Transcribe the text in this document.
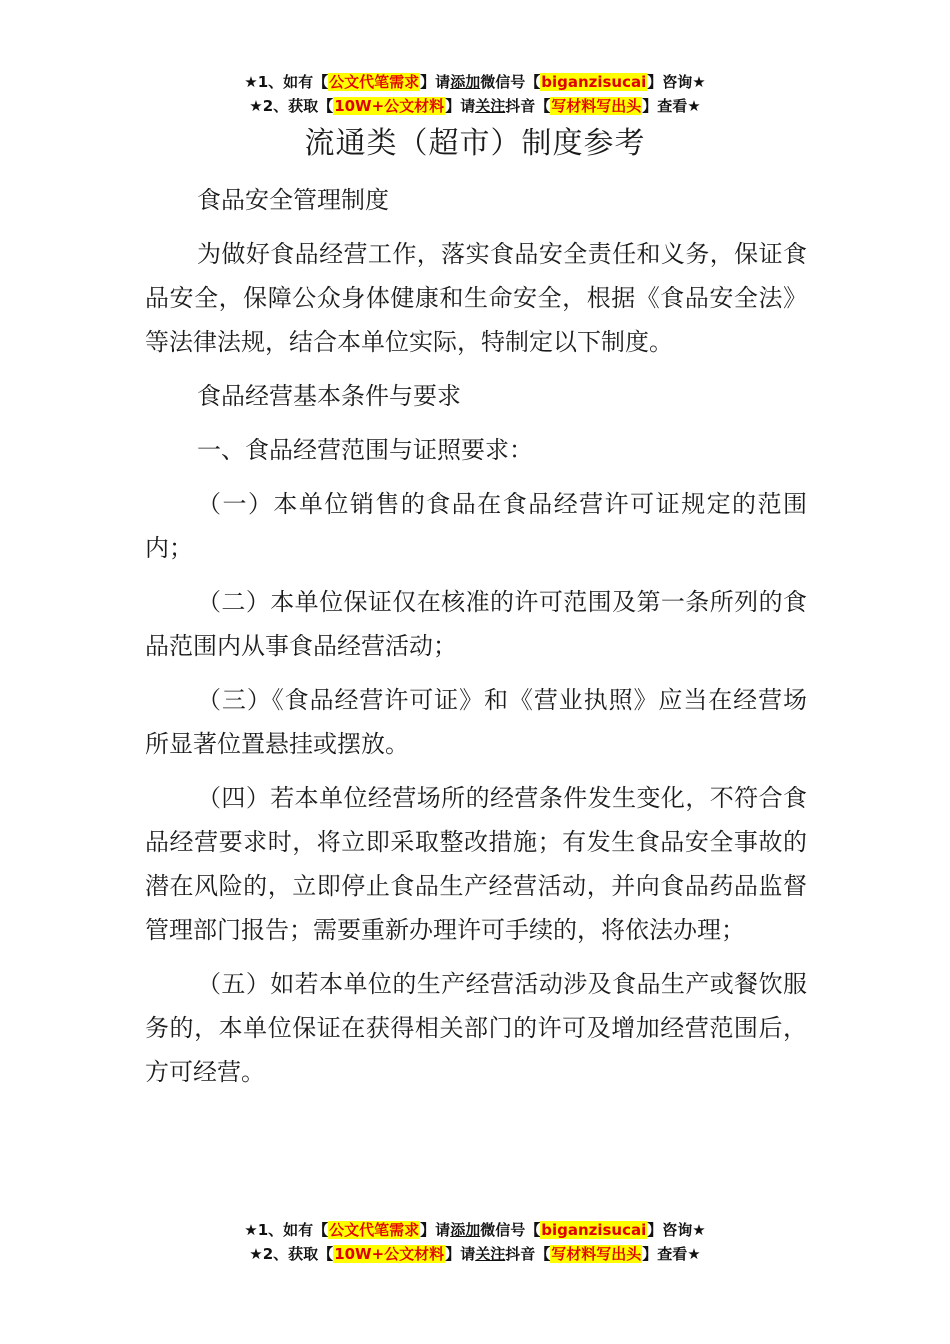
★1、如有【公文代笔需求】请添加微信号【biganzisucai】咨询★
★2、获取【10W+公文材料】请关注抖音【写材料写出头】查看★
流通类（超市）制度参考

食品安全管理制度

为做好食品经营工作，落实食品安全责任和义务，保证食品安全，保障公众身体健康和生命安全，根据《食品安全法》等法律法规，结合本单位实际，特制定以下制度。

食品经营基本条件与要求

一、食品经营范围与证照要求：

（一）本单位销售的食品在食品经营许可证规定的范围内；

（二）本单位保证仅在核准的许可范围及第一条所列的食品范围内从事食品经营活动；

（三）《食品经营许可证》和《营业执照》应当在经营场所显著位置悬挂或摆放。

（四）若本单位经营场所的经营条件发生变化，不符合食品经营要求时，将立即采取整改措施；有发生食品安全事故的潜在风险的，立即停止食品生产经营活动，并向食品药品监督管理部门报告；需要重新办理许可手续的，将依法办理；

（五）如若本单位的生产经营活动涉及食品生产或餐饮服务的，本单位保证在获得相关部门的许可及增加经营范围后，方可经营。

★1、如有【公文代笔需求】请添加微信号【biganzisucai】咨询★
★2、获取【10W+公文材料】请关注抖音【写材料写出头】查看★
